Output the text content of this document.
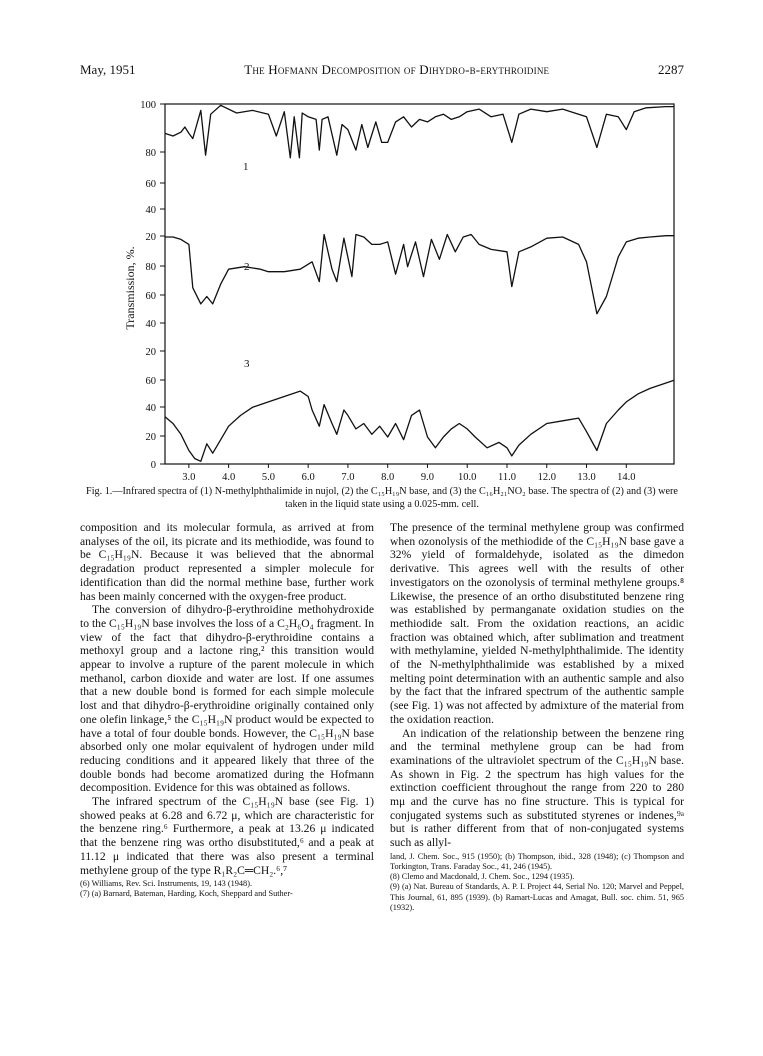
May, 1951	The Hofmann Decomposition of Dihydro-β-erythroidine	2287
100
80
60
40
20
80
60
40
20
60
40
20
0
3.0	4.0	5.0	6.0	7.0	8.0	9.0 10.0 11.0 12.0 13.0 14.0
Transmission, %.
1
2
3
Fig. 1.—Infrared spectra of (1) N-methylphthalimide in nujol, (2) the C₁₅H₁₉N base, and (3) the C₁₆H₂₁NO₂ base. The spectra of (2) and (3) were taken in the liquid state using a 0.025-mm. cell.

composition and its molecular formula, as arrived at from analyses of the oil, its picrate and its methiodide, was found to be C₁₅H₁₉N. Because it was believed that the abnormal degradation product represented a simpler molecule for identification than did the normal methine base, further work has been mainly concerned with the oxygen-free product.

The conversion of dihydro-β-erythroidine methohydroxide to the C₁₅H₁₉N base involves the loss of a C₂H₆O₄ fragment. In view of the fact that dihydro-β-erythroidine contains a methoxyl group and a lactone ring,² this transition would appear to involve a rupture of the parent molecule in which methanol, carbon dioxide and water are lost. If one assumes that a new double bond is formed for each simple molecule lost and that dihydro-β-erythroidine originally contained only one olefin linkage,⁵ the C₁₅H₁₉N product would be expected to have a total of four double bonds. However, the C₁₅H₁₉N base absorbed only one molar equivalent of hydrogen under mild reducing conditions and it appeared likely that three of the double bonds had become aromatized during the Hofmann decomposition. Evidence for this was obtained as follows.

The infrared spectrum of the C₁₅H₁₉N base (see Fig. 1) showed peaks at 6.28 and 6.72 μ, which are characteristic for the benzene ring.⁶ Furthermore, a peak at 13.26 μ indicated that the benzene ring was ortho disubstituted,⁶ and a peak at 11.12 μ indicated that there was also present a terminal methylene group of the type R₁R₂C═CH₂.⁶,⁷

(6) Williams, Rev. Sci. Instruments, 19, 143 (1948).

(7) (a) Barnard, Bateman, Harding, Koch, Sheppard and Suther-

The presence of the terminal methylene group was confirmed when ozonolysis of the methiodide of the C₁₅H₁₉N base gave a 32% yield of formaldehyde, isolated as the dimedon derivative. This agrees well with the results of other investigators on the ozonolysis of terminal methylene groups.⁸ Likewise, the presence of an ortho disubstituted benzene ring was established by permanganate oxidation studies on the methiodide salt. From the oxidation reactions, an acidic fraction was obtained which, after sublimation and treatment with methylamine, yielded N-methylphthalimide. The identity of the N-methylphthalimide was established by a mixed melting point determination with an authentic sample and also by the fact that the infrared spectrum of the authentic sample (see Fig. 1) was not affected by admixture of the material from the oxidation reaction.

An indication of the relationship between the benzene ring and the terminal methylene group can be had from examinations of the ultraviolet spectrum of the C₁₅H₁₉N base. As shown in Fig. 2 the spectrum has high values for the extinction coefficient throughout the range from 220 to 280 mμ and the curve has no fine structure. This is typical for conjugated systems such as substituted styrenes or indenes,⁹ᵃ but is rather different from that of non-conjugated systems such as allyl-

land, J. Chem. Soc., 915 (1950); (b) Thompson, ibid., 328 (1948); (c) Thompson and Torkington, Trans. Faraday Soc., 41, 246 (1945).

(8) Clemo and Macdonald, J. Chem. Soc., 1294 (1935).

(9) (a) Nat. Bureau of Standards, A. P. I. Project 44, Serial No. 120; Marvel and Peppel, This Journal, 61, 895 (1939). (b) Ramart-Lucas and Amagat, Bull. soc. chim. 51, 965 (1932).
